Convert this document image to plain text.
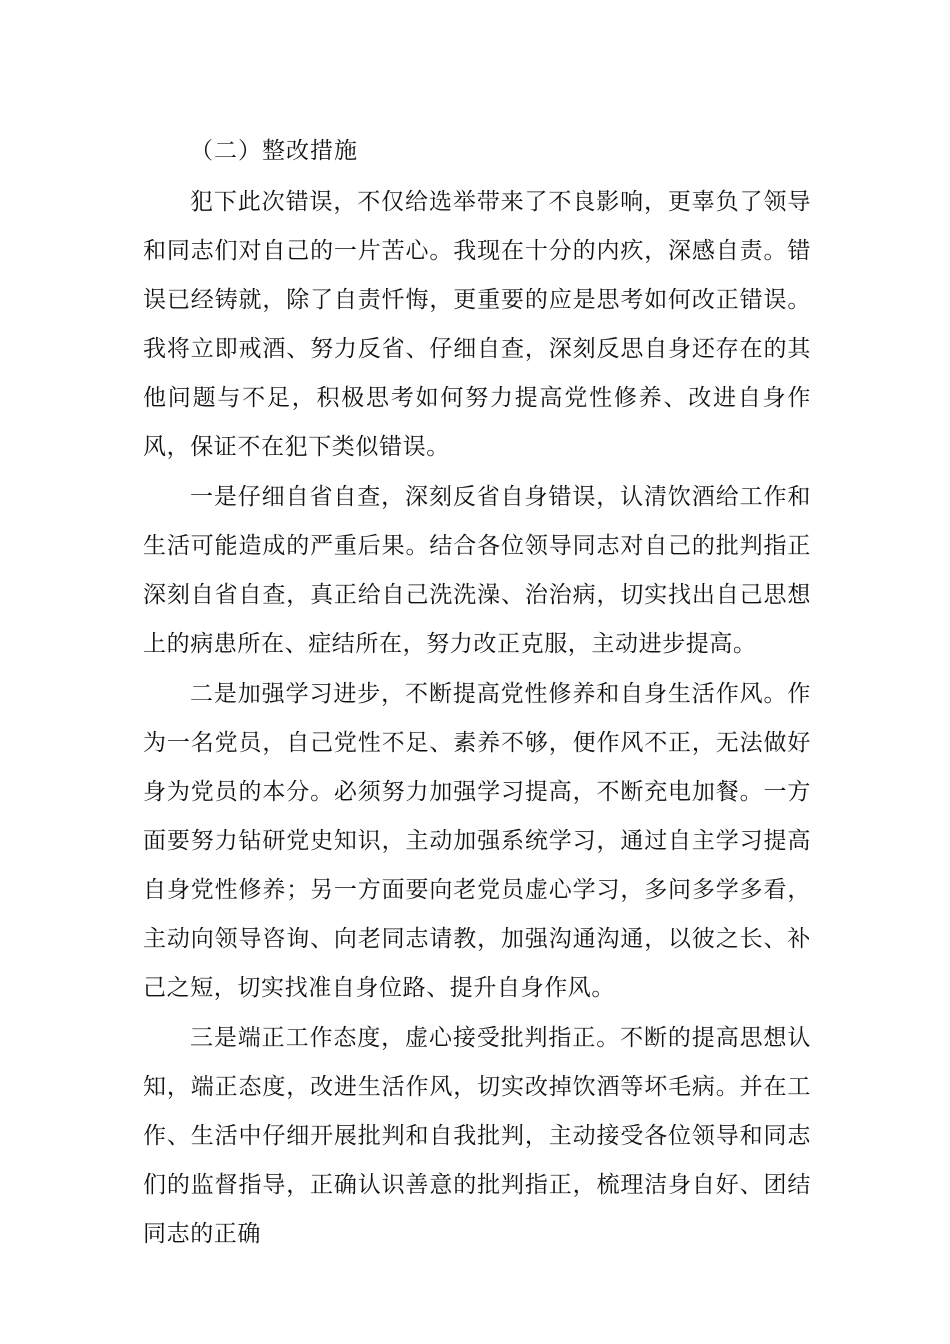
（二）整改措施

犯下此次错误，不仅给选举带来了不良影响，更辜负了领导和同志们对自己的一片苦心。我现在十分的内疚，深感自责。错误已经铸就，除了自责忏悔，更重要的应是思考如何改正错误。我将立即戒酒、努力反省、仔细自查，深刻反思自身还存在的其他问题与不足，积极思考如何努力提高党性修养、改进自身作风，保证不在犯下类似错误。

一是仔细自省自查，深刻反省自身错误，认清饮酒给工作和生活可能造成的严重后果。结合各位领导同志对自己的批判指正深刻自省自查，真正给自己洗洗澡、治治病，切实找出自己思想上的病患所在、症结所在，努力改正克服，主动进步提高。

二是加强学习进步，不断提高党性修养和自身生活作风。作为一名党员，自己党性不足、素养不够，便作风不正，无法做好身为党员的本分。必须努力加强学习提高，不断充电加餐。一方面要努力钻研党史知识，主动加强系统学习，通过自主学习提高自身党性修养；另一方面要向老党员虚心学习，多问多学多看，主动向领导咨询、向老同志请教，加强沟通沟通，以彼之长、补己之短，切实找准自身位路、提升自身作风。

三是端正工作态度，虚心接受批判指正。不断的提高思想认知，端正态度，改进生活作风，切实改掉饮酒等坏毛病。并在工作、生活中仔细开展批判和自我批判，主动接受各位领导和同志们的监督指导，正确认识善意的批判指正，梳理洁身自好、团结同志的正确
